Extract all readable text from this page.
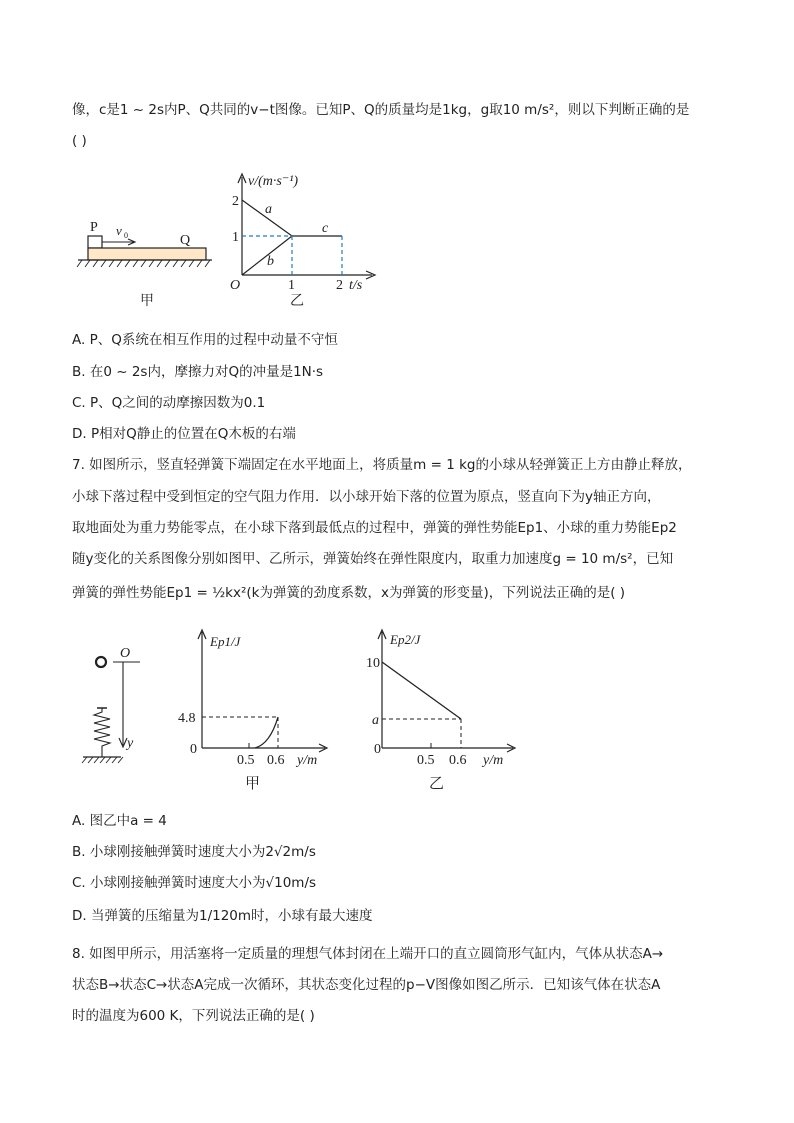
像，c是1 ~ 2s内P、Q共同的v−t图像。已知P、Q的质量均是1kg，g取10 m/s²，则以下判断正确的是
( )
P v 0	Q
甲
v/(m·s⁻¹)
t/s
O
2
1
1	2
a
b
c
乙
A. P、Q系统在相互作用的过程中动量不守恒
B. 在0 ~ 2s内，摩擦力对Q的冲量是1N·s
C. P、Q之间的动摩擦因数为0.1
D. P相对Q静止的位置在Q木板的右端
7. 如图所示，竖直轻弹簧下端固定在水平地面上，将质量m = 1 kg的小球从轻弹簧正上方由静止释放，
小球下落过程中受到恒定的空气阻力作用．以小球开始下落的位置为原点，竖直向下为y轴正方向，
取地面处为重力势能零点，在小球下落到最低点的过程中，弹簧的弹性势能Ep1、小球的重力势能Ep2
随y变化的关系图像分别如图甲、乙所示，弹簧始终在弹性限度内，取重力加速度g = 10 m/s²，已知
弹簧的弹性势能Ep1 = ½kx²(k为弹簧的劲度系数，x为弹簧的形变量)，下列说法正确的是( )
O
y
Ep1/J
y/m
0
4.8
0.5 0.6
甲
Ep2/J
y/m
0
10
a
0.5 0.6
乙
A. 图乙中a = 4
B. 小球刚接触弹簧时速度大小为2√2m/s
C. 小球刚接触弹簧时速度大小为√10m/s
D. 当弹簧的压缩量为1/120m时，小球有最大速度
8. 如图甲所示，用活塞将一定质量的理想气体封闭在上端开口的直立圆筒形气缸内，气体从状态A→
状态B→状态C→状态A完成一次循环，其状态变化过程的p−V图像如图乙所示．已知该气体在状态A
时的温度为600 K，下列说法正确的是( )
